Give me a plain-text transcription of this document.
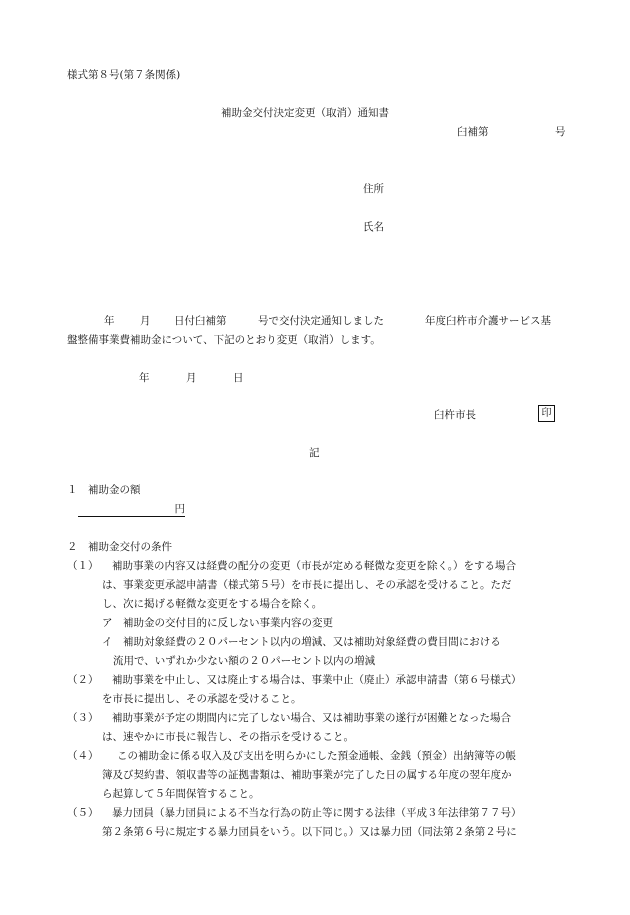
様式第８号(第７条関係)
補助金交付決定変更（取消）通知書
臼補第	号
住所
氏名
年 月 日付臼補第	号で交付決定通知しました	年度臼杵市介護サービス基
盤整備事業費補助金について、下記のとおり変更（取消）します。
年	月	日
臼杵市長	印
記
１　補助金の額
円
２　補助金交付の条件
（１） 補助事業の内容又は経費の配分の変更（市長が定める軽微な変更を除く。）をする場合
は、事業変更承認申請書（様式第５号）を市長に提出し、その承認を受けること。ただ
し、次に掲げる軽微な変更をする場合を除く。
ア　補助金の交付目的に反しない事業内容の変更
イ　補助対象経費の２０パーセント以内の増減、又は補助対象経費の費目間における
流用で、いずれか少ない額の２０パーセント以内の増減
（２） 補助事業を中止し、又は廃止する場合は、事業中止（廃止）承認申請書（第６号様式）
を市長に提出し、その承認を受けること。
（３） 補助事業が予定の期間内に完了しない場合、又は補助事業の遂行が困難となった場合
は、速やかに市長に報告し、その指示を受けること。
（４） この補助金に係る収入及び支出を明らかにした預金通帳、金銭（預金）出納簿等の帳
簿及び契約書、領収書等の証拠書類は、補助事業が完了した日の属する年度の翌年度か
ら起算して５年間保管すること。
（５） 暴力団員（暴力団員による不当な行為の防止等に関する法律（平成３年法律第７７号）
第２条第６号に規定する暴力団員をいう。以下同じ。）又は暴力団（同法第２条第２号に
